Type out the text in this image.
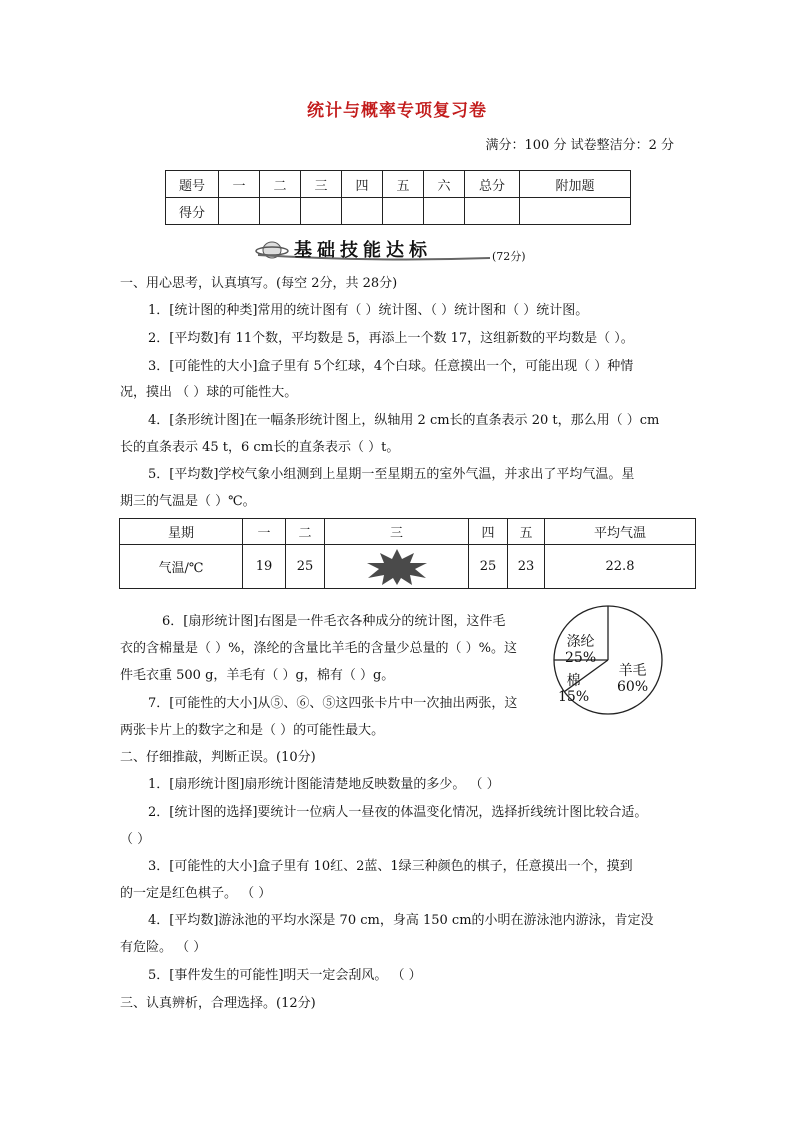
统计与概率专项复习卷
满分：100 分 试卷整洁分：2 分
题号	一	二	三	四	五	六	总分	附加题
得分								
基础技能达标	(72分)
一、用心思考，认真填写。(每空 2分，共 28分)
1．[统计图的种类]常用的统计图有（ ）统计图、（ ）统计图和（ ）统计图。
2．[平均数]有 11个数，平均数是 5，再添上一个数 17，这组新数的平均数是（ ）。
3．[可能性的大小]盒子里有 5个红球，4个白球。任意摸出一个，可能出现（ ）种情
况，摸出 （ ）球的可能性大。
4．[条形统计图]在一幅条形统计图上，纵轴用 2 cm长的直条表示 20 t，那么用（ ）cm
长的直条表示 45 t，6 cm长的直条表示（ ）t。
5．[平均数]学校气象小组测到上星期一至星期五的室外气温，并求出了平均气温。星
期三的气温是（ ）℃。
星期	一	二	三	四	五	平均气温
气温/℃	19	25		25	23	22.8
6．[扇形统计图]右图是一件毛衣各种成分的统计图，这件毛
衣的含棉量是（ ）%，涤纶的含量比羊毛的含量少总量的（ ）%。这
件毛衣重 500 g，羊毛有（ ）g，棉有（ ）g。
7．[可能性的大小]从⑤、⑥、⑤这四张卡片中一次抽出两张，这
两张卡片上的数字之和是（ ）的可能性最大。
涤纶
25%
羊毛
60%
棉
15%
二、仔细推敲，判断正误。(10分)
1．[扇形统计图]扇形统计图能清楚地反映数量的多少。 （ ）
2．[统计图的选择]要统计一位病人一昼夜的体温变化情况，选择折线统计图比较合适。
（ ）
3．[可能性的大小]盒子里有 10红、2蓝、1绿三种颜色的棋子，任意摸出一个，摸到
的一定是红色棋子。 （ ）
4．[平均数]游泳池的平均水深是 70 cm，身高 150 cm的小明在游泳池内游泳，肯定没
有危险。 （ ）
5．[事件发生的可能性]明天一定会刮风。 （ ）
三、认真辨析，合理选择。(12分)
